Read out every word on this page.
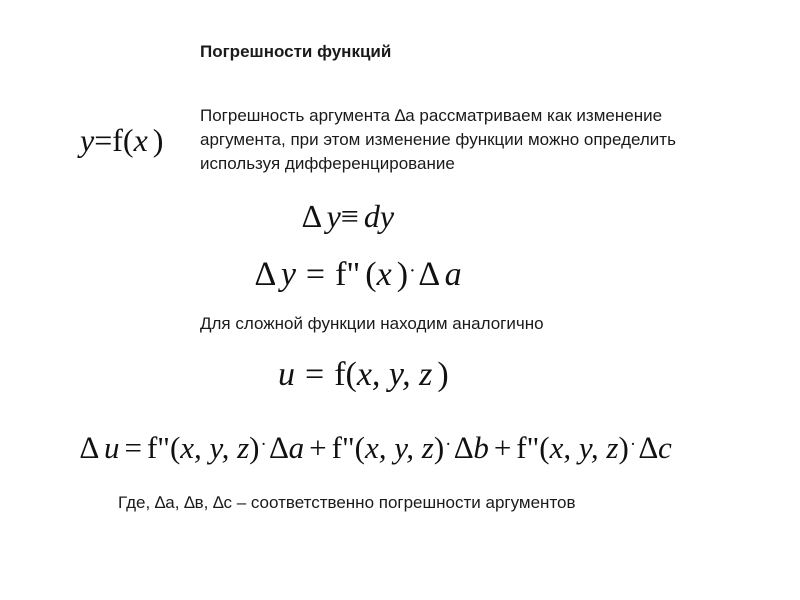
Погрешности функций
y=f(x )
Погрешность аргумента ∆а рассматриваем как изменение
аргумента, при этом изменение функции можно определить
используя дифференцирование
∆ y≡ dy
∆ y = f" (x )·∆ a
Для сложной функции находим аналогично
u = f(x, y, z )
∆ u = f"(x, y, z)·∆a + f"(x, y, z)·∆b + f"(x, y, z)·∆c
Где, ∆а, ∆в, ∆с – соответственно погрешности аргументов
